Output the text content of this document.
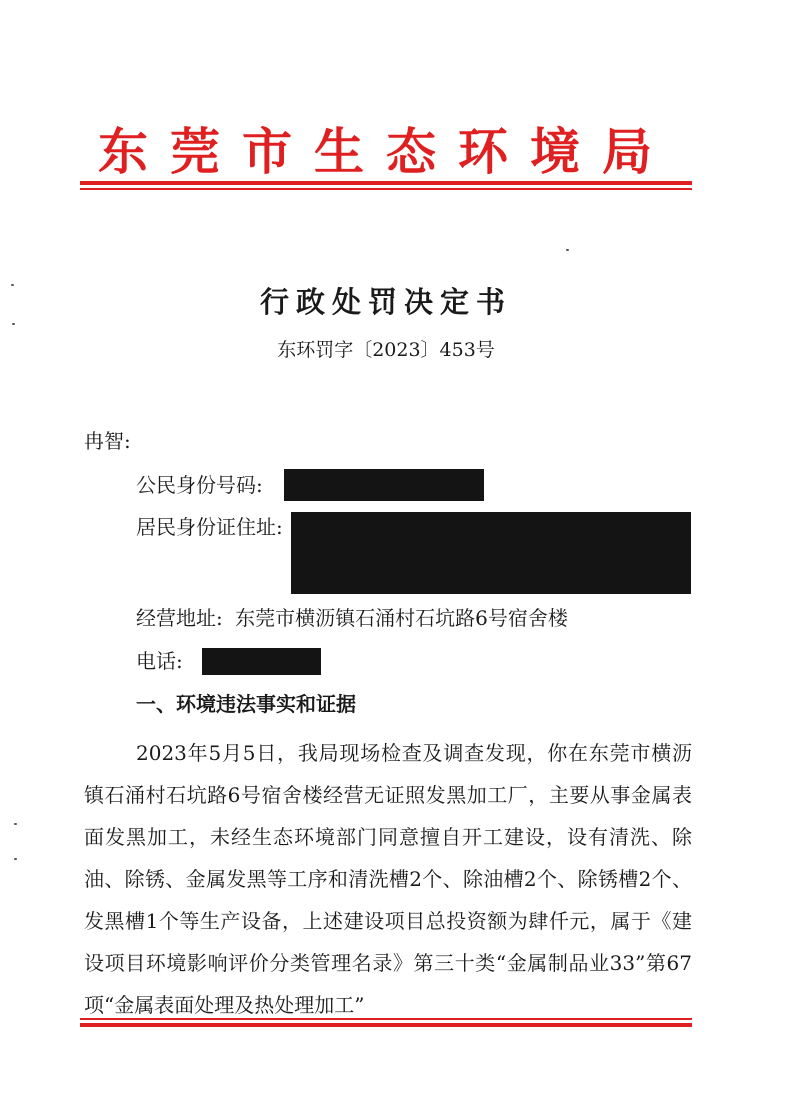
东莞市生态环境局
行政处罚决定书
东环罚字〔2023〕453号
冉智:
公民身份号码:
居民身份证住址:
经营地址: 东莞市横沥镇石涌村石坑路6号宿舍楼
电话:
一、环境违法事实和证据
2023年5月5日，我局现场检查及调查发现，你在东莞市横沥镇石涌村石坑路6号宿舍楼经营无证照发黑加工厂，主要从事金属表面发黑加工，未经生态环境部门同意擅自开工建设，设有清洗、除油、除锈、金属发黑等工序和清洗槽2个、除油槽2个、除锈槽2个、发黑槽1个等生产设备，上述建设项目总投资额为肆仟元，属于《建设项目环境影响评价分类管理名录》第三十类“金属制品业33”第67项“金属表面处理及热处理加工”
